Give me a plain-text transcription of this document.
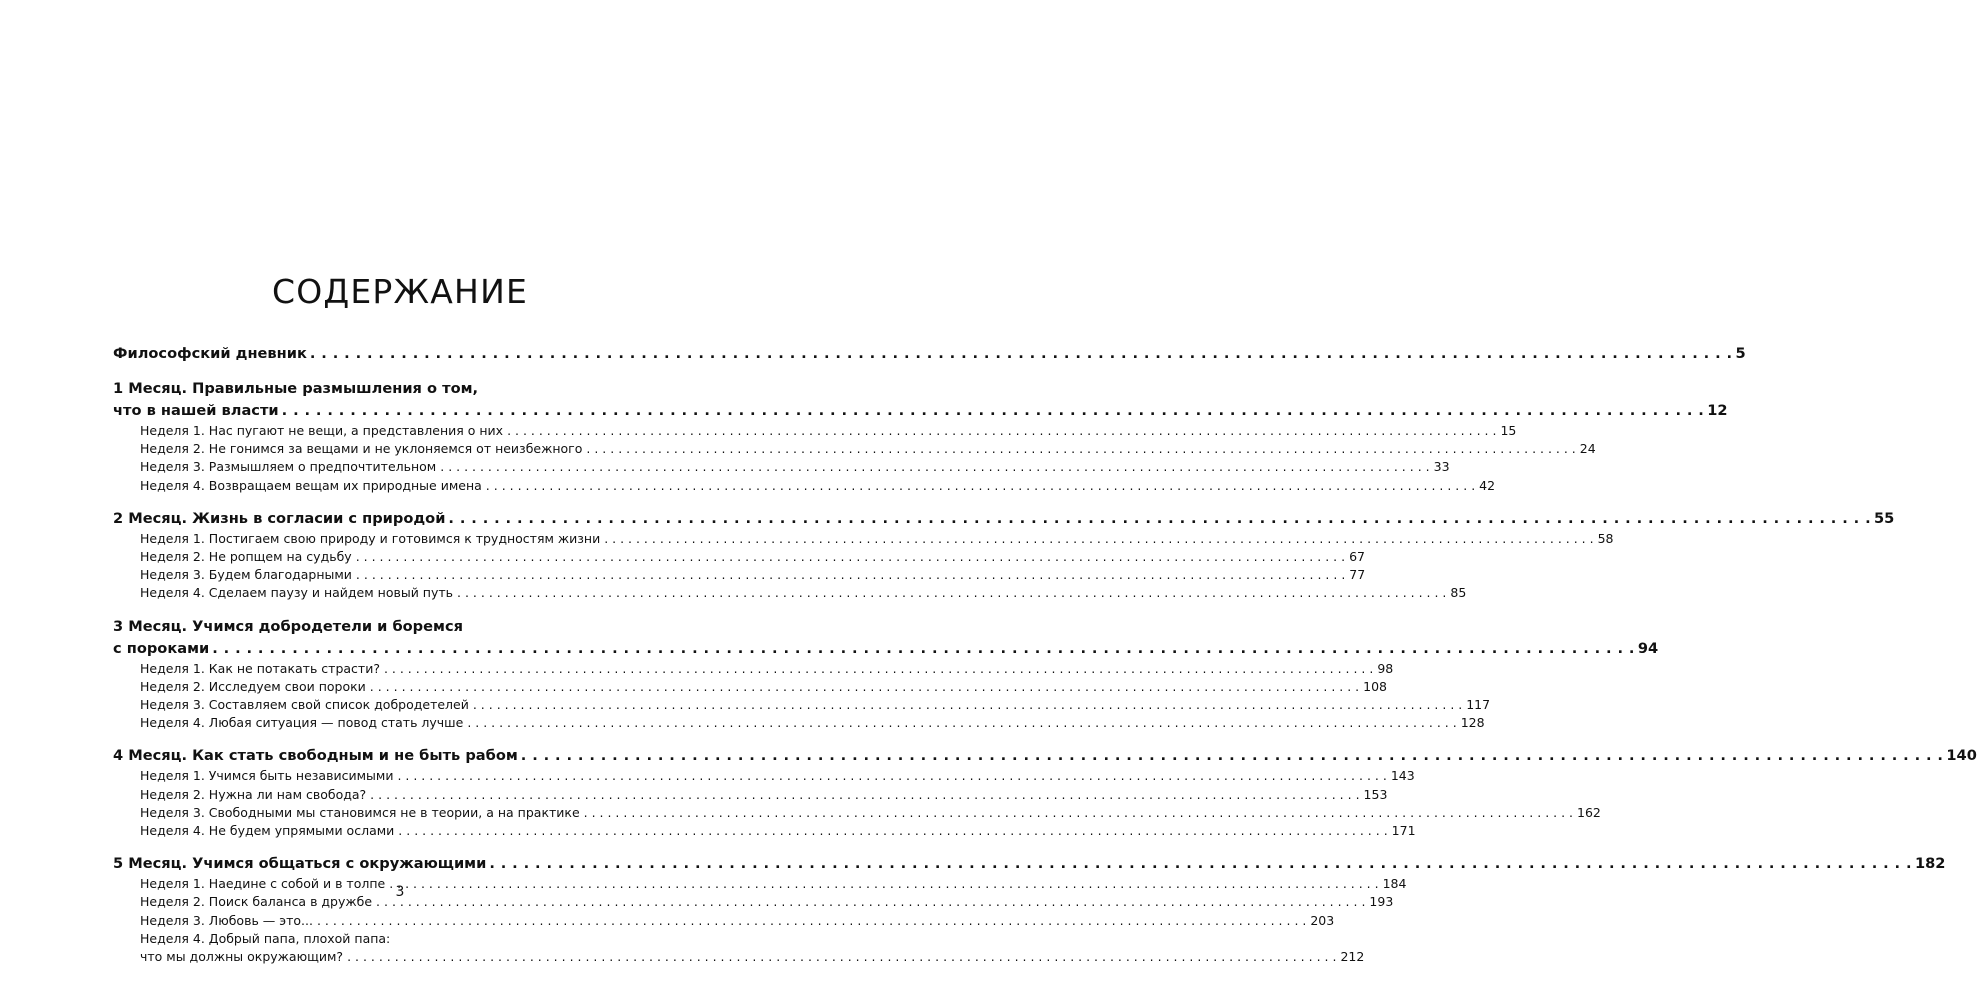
СОДЕРЖАНИЕ
Философский дневник . . .	5
1 Месяц. Правильные размышления о том,
что в нашей власти . . .	12
Неделя 1. Нас пугают не вещи, а представления о них . . .	15
Неделя 2. Не гонимся за вещами и не уклоняемся от неизбежного . . .	24
Неделя 3. Размышляем о предпочтительном . . .	33
Неделя 4. Возвращаем вещам их природные имена . . .	42
2 Месяц. Жизнь в согласии с природой . . .	55
Неделя 1. Постигаем свою природу и готовимся к трудностям жизни . . .	58
Неделя 2. Не ропщем на судьбу . . .	67
Неделя 3. Будем благодарными . . .	77
Неделя 4. Сделаем паузу и найдем новый путь . . .	85
3 Месяц. Учимся добродетели и боремся
с пороками . . .	94
Неделя 1. Как не потакать страсти? . . .	98
Неделя 2. Исследуем свои пороки . . .	108
Неделя 3. Составляем свой список добродетелей . . .	117
Неделя 4. Любая ситуация — повод стать лучше . . .	128
4 Месяц. Как стать свободным и не быть рабом . . .	140
Неделя 1. Учимся быть независимыми . . .	143
Неделя 2. Нужна ли нам свобода? . . .	153
Неделя 3. Свободными мы становимся не в теории, а на практике . . .	162
Неделя 4. Не будем упрямыми ослами . . .	171
5 Месяц. Учимся общаться с окружающими . . .	182
Неделя 1. Наедине с собой и в толпе . . .	184
Неделя 2. Поиск баланса в дружбе . . .	193
Неделя 3. Любовь — это... . . .	203
Неделя 4. Добрый папа, плохой папа:
что мы должны окружающим? . . .	212
3
